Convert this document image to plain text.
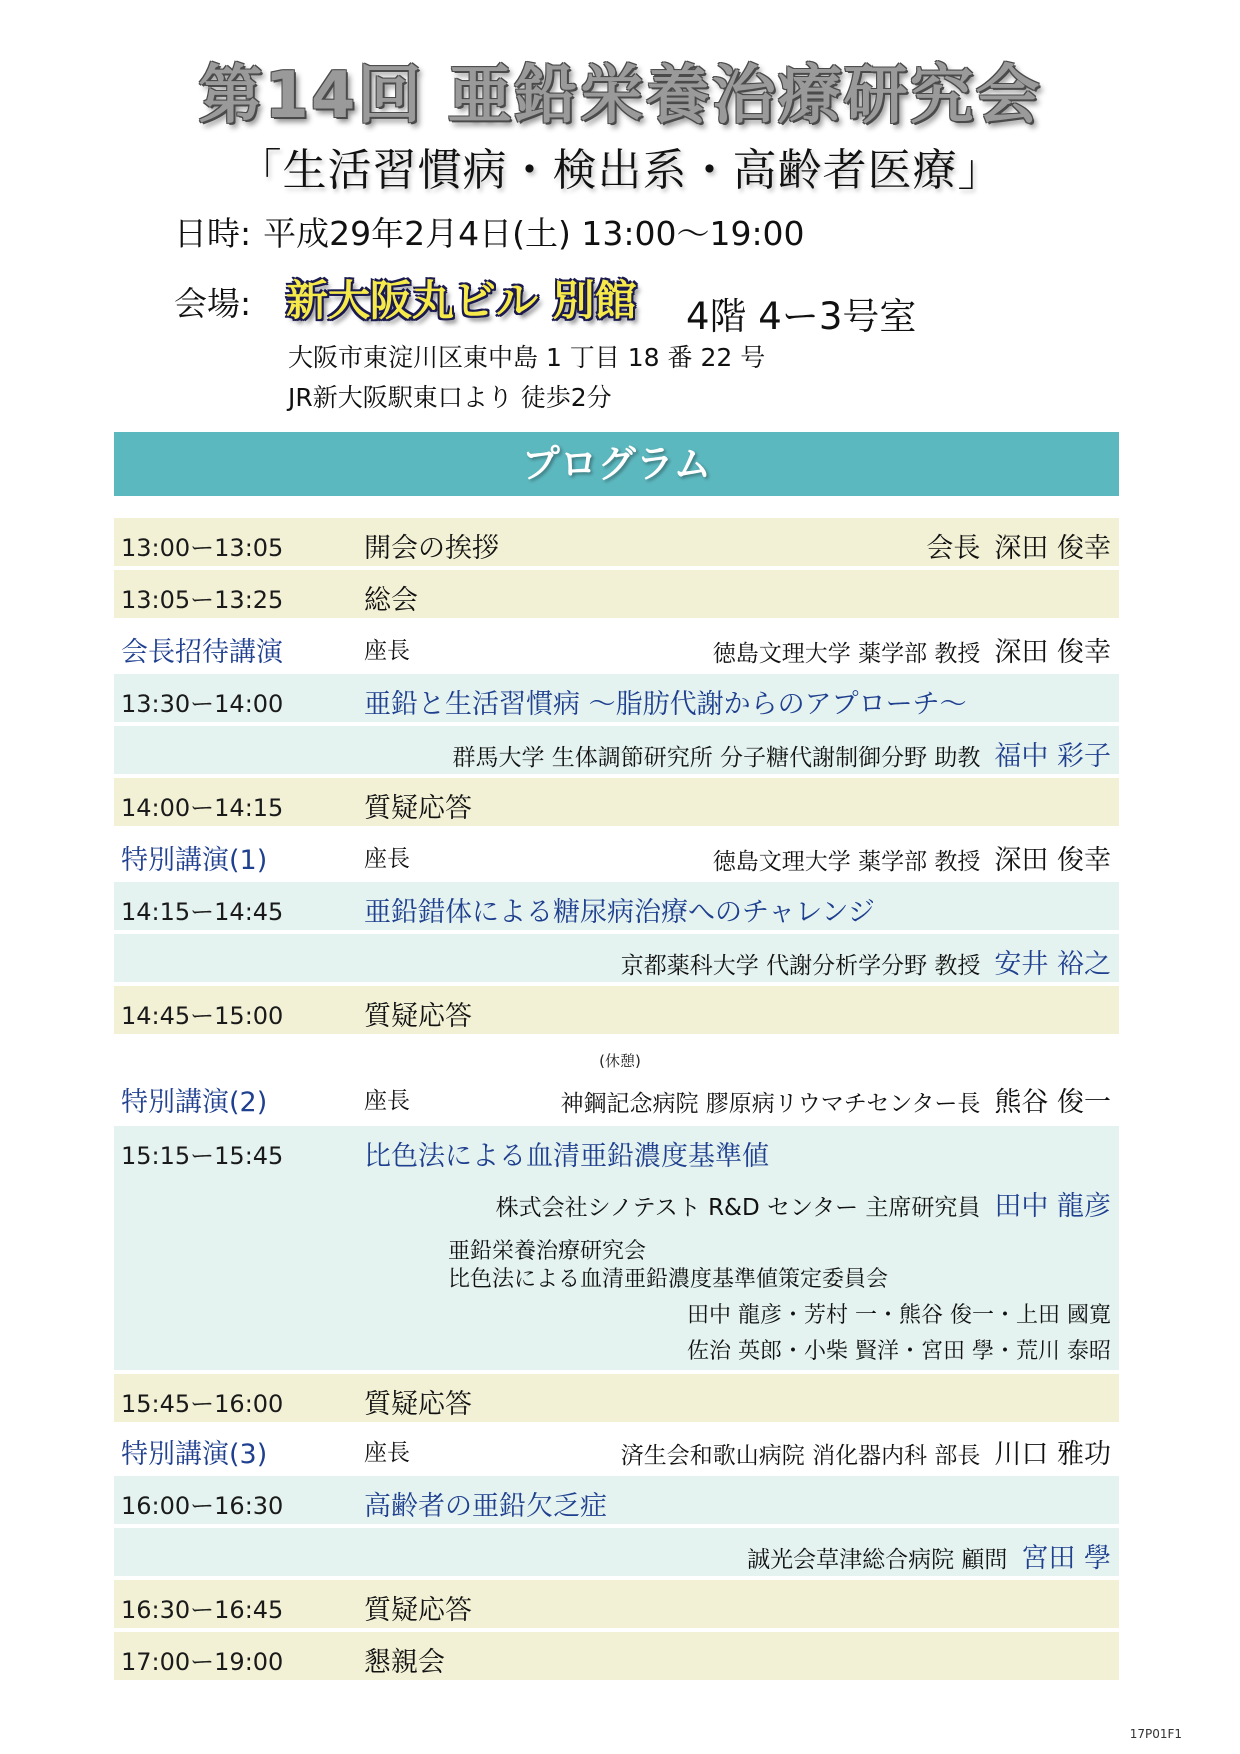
第14回 亜鉛栄養治療研究会
「生活習慣病・検出系・高齢者医療」
日時: 平成29年2月4日(土) 13:00〜19:00
会場: 新大阪丸ビル 別館 4階 4ー3号室
大阪市東淀川区東中島 1 丁目 18 番 22 号
JR新大阪駅東口より 徒歩2分
プログラム
13:00ー13:05	開会の挨拶	会長 深田 俊幸
13:05ー13:25	総会
会長招待講演	座長	徳島文理大学 薬学部 教授 深田 俊幸
13:30ー14:00	亜鉛と生活習慣病 〜脂肪代謝からのアプローチ〜
群馬大学 生体調節研究所 分子糖代謝制御分野 助教 福中 彩子
14:00ー14:15	質疑応答
特別講演(1)	座長	徳島文理大学 薬学部 教授 深田 俊幸
14:15ー14:45	亜鉛錯体による糖尿病治療へのチャレンジ
京都薬科大学 代謝分析学分野 教授 安井 裕之
14:45ー15:00	質疑応答
(休憩)
特別講演(2)	座長	神鋼記念病院 膠原病リウマチセンター長 熊谷 俊一
15:15ー15:45	比色法による血清亜鉛濃度基準値
株式会社シノテスト R&D センター 主席研究員 田中 龍彦
亜鉛栄養治療研究会
比色法による血清亜鉛濃度基準値策定委員会
田中 龍彦・芳村 一・熊谷 俊一・上田 國寛
佐治 英郎・小柴 賢洋・宮田 學・荒川 泰昭
15:45ー16:00	質疑応答
特別講演(3)	座長	済生会和歌山病院 消化器内科 部長 川口 雅功
16:00ー16:30	高齢者の亜鉛欠乏症
誠光会草津総合病院 顧問 宮田 學
16:30ー16:45	質疑応答
17:00ー19:00	懇親会
17P01F1
